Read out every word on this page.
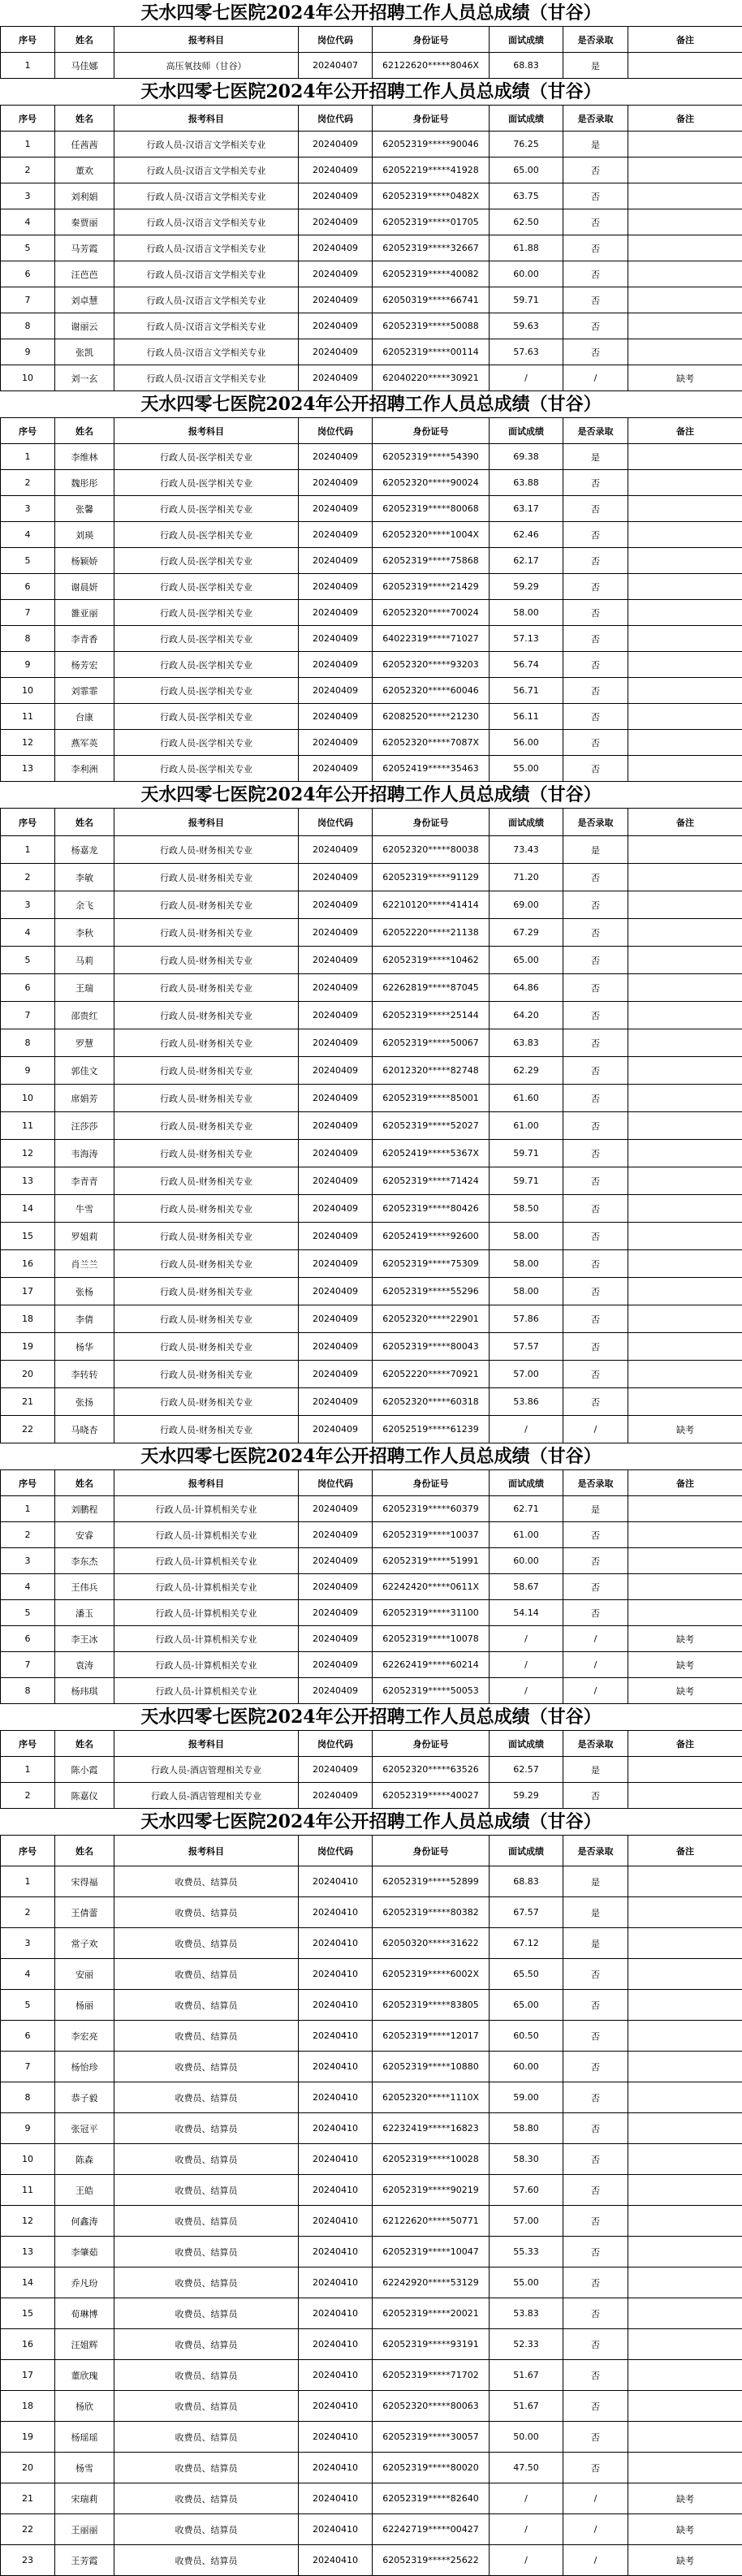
天水四零七医院2024年公开招聘工作人员总成绩（甘谷）
序号	姓名	报考科目	岗位代码	身份证号	面试成绩	是否录取	备注
1	马佳娜	高压氧技师（甘谷）	20240407	62122620*****8046X	68.83	是	
天水四零七医院2024年公开招聘工作人员总成绩（甘谷）
序号	姓名	报考科目	岗位代码	身份证号	面试成绩	是否录取	备注
1	任茜茜	行政人员-汉语言文学相关专业	20240409	62052319*****90046	76.25	是	
2	董欢	行政人员-汉语言文学相关专业	20240409	62052219*****41928	65.00	否	
3	刘利娟	行政人员-汉语言文学相关专业	20240409	62052319*****0482X	63.75	否	
4	秦贾丽	行政人员-汉语言文学相关专业	20240409	62052319*****01705	62.50	否	
5	马芳霞	行政人员-汉语言文学相关专业	20240409	62052319*****32667	61.88	否	
6	汪芭芭	行政人员-汉语言文学相关专业	20240409	62052319*****40082	60.00	否	
7	刘卓慧	行政人员-汉语言文学相关专业	20240409	62050319*****66741	59.71	否	
8	谢丽云	行政人员-汉语言文学相关专业	20240409	62052319*****50088	59.63	否	
9	张凯	行政人员-汉语言文学相关专业	20240409	62052319*****00114	57.63	否	
10	刘一玄	行政人员-汉语言文学相关专业	20240409	62040220*****30921	/	/	缺考
天水四零七医院2024年公开招聘工作人员总成绩（甘谷）
序号	姓名	报考科目	岗位代码	身份证号	面试成绩	是否录取	备注
1	李维林	行政人员-医学相关专业	20240409	62052319*****54390	69.38	是	
2	魏彤彤	行政人员-医学相关专业	20240409	62052320*****90024	63.88	否	
3	张馨	行政人员-医学相关专业	20240409	62052319*****80068	63.17	否	
4	刘瑛	行政人员-医学相关专业	20240409	62052320*****1004X	62.46	否	
5	杨颖娇	行政人员-医学相关专业	20240409	62052319*****75868	62.17	否	
6	谢晨妍	行政人员-医学相关专业	20240409	62052319*****21429	59.29	否	
7	雒亚丽	行政人员-医学相关专业	20240409	62052320*****70024	58.00	否	
8	李青香	行政人员-医学相关专业	20240409	64022319*****71027	57.13	否	
9	杨芳宏	行政人员-医学相关专业	20240409	62052320*****93203	56.74	否	
10	刘霏霏	行政人员-医学相关专业	20240409	62052320*****60046	56.71	否	
11	台康	行政人员-医学相关专业	20240409	62082520*****21230	56.11	否	
12	燕军英	行政人员-医学相关专业	20240409	62052320*****7087X	56.00	否	
13	李利洲	行政人员-医学相关专业	20240409	62052419*****35463	55.00	否	
天水四零七医院2024年公开招聘工作人员总成绩（甘谷）
序号	姓名	报考科目	岗位代码	身份证号	面试成绩	是否录取	备注
1	杨嘉龙	行政人员-财务相关专业	20240409	62052320*****80038	73.43	是	
2	李敏	行政人员-财务相关专业	20240409	62052319*****91129	71.20	否	
3	余飞	行政人员-财务相关专业	20240409	62210120*****41414	69.00	否	
4	李秋	行政人员-财务相关专业	20240409	62052220*****21138	67.29	否	
5	马莉	行政人员-财务相关专业	20240409	62052319*****10462	65.00	否	
6	王瑞	行政人员-财务相关专业	20240409	62262819*****87045	64.86	否	
7	邵贵红	行政人员-财务相关专业	20240409	62052319*****25144	64.20	否	
8	罗慧	行政人员-财务相关专业	20240409	62052319*****50067	63.83	否	
9	郭佳文	行政人员-财务相关专业	20240409	62012320*****82748	62.29	否	
10	席娟芳	行政人员-财务相关专业	20240409	62052319*****85001	61.60	否	
11	汪莎莎	行政人员-财务相关专业	20240409	62052319*****52027	61.00	否	
12	韦海涛	行政人员-财务相关专业	20240409	62052419*****5367X	59.71	否	
13	李青青	行政人员-财务相关专业	20240409	62052319*****71424	59.71	否	
14	牛雪	行政人员-财务相关专业	20240409	62052319*****80426	58.50	否	
15	罗姐莉	行政人员-财务相关专业	20240409	62052419*****92600	58.00	否	
16	肖兰兰	行政人员-财务相关专业	20240409	62052319*****75309	58.00	否	
17	张杨	行政人员-财务相关专业	20240409	62052319*****55296	58.00	否	
18	李倩	行政人员-财务相关专业	20240409	62052320*****22901	57.86	否	
19	杨华	行政人员-财务相关专业	20240409	62052319*****80043	57.57	否	
20	李转转	行政人员-财务相关专业	20240409	62052220*****70921	57.00	否	
21	张扬	行政人员-财务相关专业	20240409	62052320*****60318	53.86	否	
22	马晓杏	行政人员-财务相关专业	20240409	62052519*****61239	/	/	缺考
天水四零七医院2024年公开招聘工作人员总成绩（甘谷）
序号	姓名	报考科目	岗位代码	身份证号	面试成绩	是否录取	备注
1	刘鹏程	行政人员-计算机相关专业	20240409	62052319*****60379	62.71	是	
2	安睿	行政人员-计算机相关专业	20240409	62052319*****10037	61.00	否	
3	李东杰	行政人员-计算机相关专业	20240409	62052319*****51991	60.00	否	
4	王伟兵	行政人员-计算机相关专业	20240409	62242420*****0611X	58.67	否	
5	潘玉	行政人员-计算机相关专业	20240409	62052319*****31100	54.14	否	
6	李王冰	行政人员-计算机相关专业	20240409	62052319*****10078	/	/	缺考
7	袁涛	行政人员-计算机相关专业	20240409	62262419*****60214	/	/	缺考
8	杨玮琪	行政人员-计算机相关专业	20240409	62052319*****50053	/	/	缺考
天水四零七医院2024年公开招聘工作人员总成绩（甘谷）
序号	姓名	报考科目	岗位代码	身份证号	面试成绩	是否录取	备注
1	陈小霞	行政人员-酒店管理相关专业	20240409	62052320*****63526	62.57	是	
2	陈嘉仪	行政人员-酒店管理相关专业	20240409	62052319*****40027	59.29	否	
天水四零七医院2024年公开招聘工作人员总成绩（甘谷）
序号	姓名	报考科目	岗位代码	身份证号	面试成绩	是否录取	备注
1	宋得福	收费员、结算员	20240410	62052319*****52899	68.83	是	
2	王倩蕾	收费员、结算员	20240410	62052319*****80382	67.57	是	
3	常子欢	收费员、结算员	20240410	62050320*****31622	67.12	是	
4	安丽	收费员、结算员	20240410	62052319*****6002X	65.50	否	
5	杨丽	收费员、结算员	20240410	62052319*****83805	65.00	否	
6	李宏亮	收费员、结算员	20240410	62052319*****12017	60.50	否	
7	杨怡珍	收费员、结算员	20240410	62052319*****10880	60.00	否	
8	恭子毅	收费员、结算员	20240410	62052320*****1110X	59.00	否	
9	张冠平	收费员、结算员	20240410	62232419*****16823	58.80	否	
10	陈森	收费员、结算员	20240410	62052319*****10028	58.30	否	
11	王皓	收费员、结算员	20240410	62052319*****90219	57.60	否	
12	何鑫涛	收费员、结算员	20240410	62122620*****50771	57.00	否	
13	李肇茹	收费员、结算员	20240410	62052319*****10047	55.33	否	
14	乔凡玢	收费员、结算员	20240410	62242920*****53129	55.00	否	
15	荀琳博	收费员、结算员	20240410	62052319*****20021	53.83	否	
16	汪姐辉	收费员、结算员	20240410	62052319*****93191	52.33	否	
17	董欣瑰	收费员、结算员	20240410	62052319*****71702	51.67	否	
18	杨欣	收费员、结算员	20240410	62052320*****80063	51.67	否	
19	杨瑶瑶	收费员、结算员	20240410	62052319*****30057	50.00	否	
20	杨雪	收费员、结算员	20240410	62052319*****80020	47.50	否	
21	宋瑞莉	收费员、结算员	20240410	62052319*****82640	/	/	缺考
22	王丽丽	收费员、结算员	20240410	62242719*****00427	/	/	缺考
23	王芳霞	收费员、结算员	20240410	62052319*****25622	/	/	缺考
